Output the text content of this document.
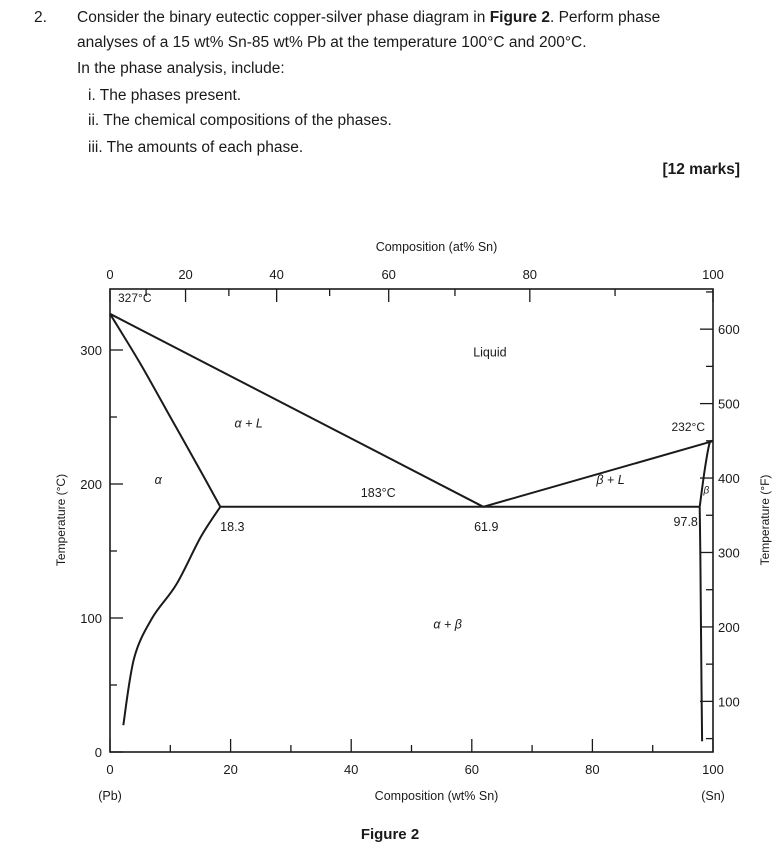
2. Consider the binary eutectic copper-silver phase diagram in Figure 2. Perform phase
analyses of a 15 wt% Sn-85 wt% Pb at the temperature 100°C and 200°C.
In the phase analysis, include:
i. The phases present.
ii. The chemical compositions of the phases.
iii. The amounts of each phase.
[12 marks]
0	20	40	60	80	100
0	20	40	60	80	100
0
100
200
300
100
200
300
400
500
600
Composition (at% Sn)
Composition (wt% Sn)
(Pb)	(Sn)
Temperature (°C)	Temperature (°F)
327°C
232°C
18.3	61.9
183°C
97.8
Liquid
α + L
α	β + L
β
α + β
Figure 2
